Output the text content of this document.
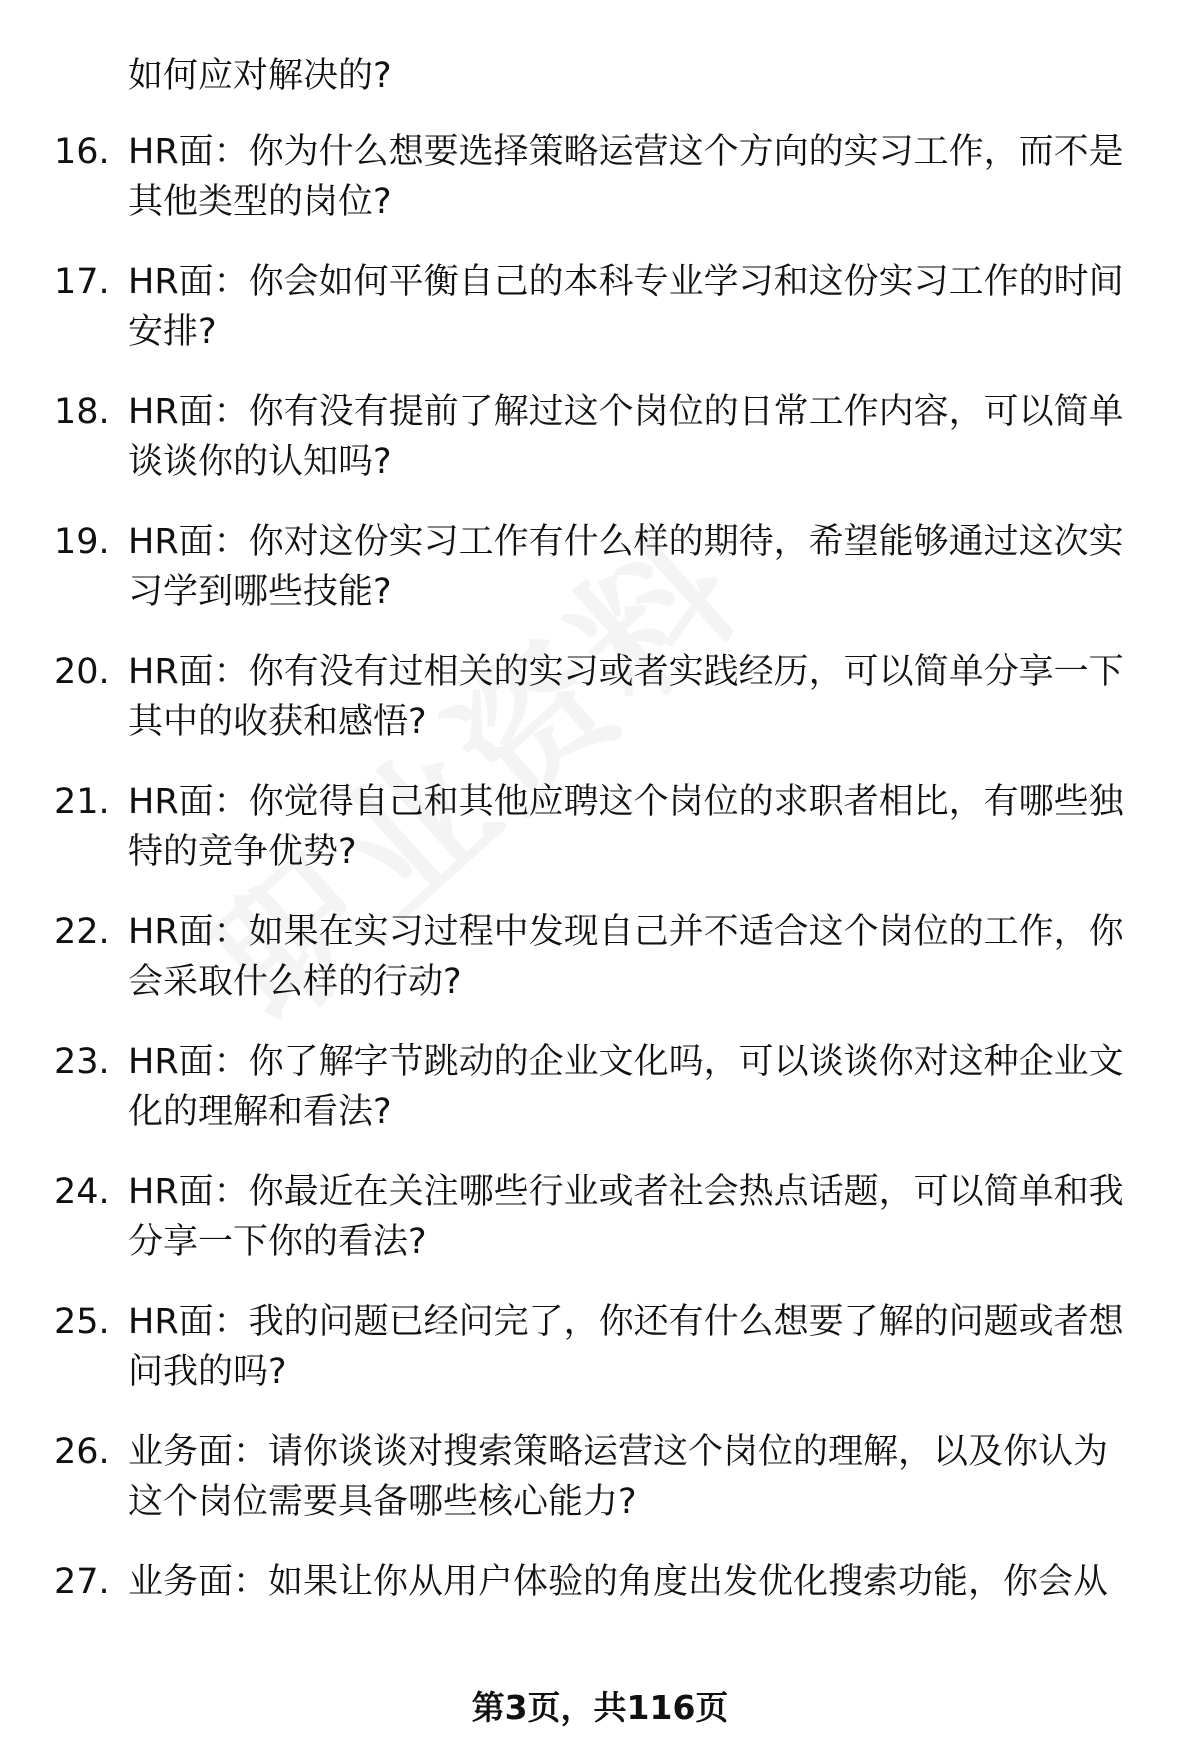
如何应对解决的?
16. HR面：你为什么想要选择策略运营这个方向的实习工作，而不是
其他类型的岗位?
17. HR面：你会如何平衡自己的本科专业学习和这份实习工作的时间
安排?
18. HR面：你有没有提前了解过这个岗位的日常工作内容，可以简单
谈谈你的认知吗?
19. HR面：你对这份实习工作有什么样的期待，希望能够通过这次实
习学到哪些技能?
20. HR面：你有没有过相关的实习或者实践经历，可以简单分享一下
其中的收获和感悟?
21. HR面：你觉得自己和其他应聘这个岗位的求职者相比，有哪些独
特的竞争优势?
22. HR面：如果在实习过程中发现自己并不适合这个岗位的工作，你
会采取什么样的行动?
23. HR面：你了解字节跳动的企业文化吗，可以谈谈你对这种企业文
化的理解和看法?
24. HR面：你最近在关注哪些行业或者社会热点话题，可以简单和我
分享一下你的看法?
25. HR面：我的问题已经问完了，你还有什么想要了解的问题或者想
问我的吗?
26. 业务面：请你谈谈对搜索策略运营这个岗位的理解，以及你认为
这个岗位需要具备哪些核心能力?
27. 业务面：如果让你从用户体验的角度出发优化搜索功能，你会从
第3页，共116页
